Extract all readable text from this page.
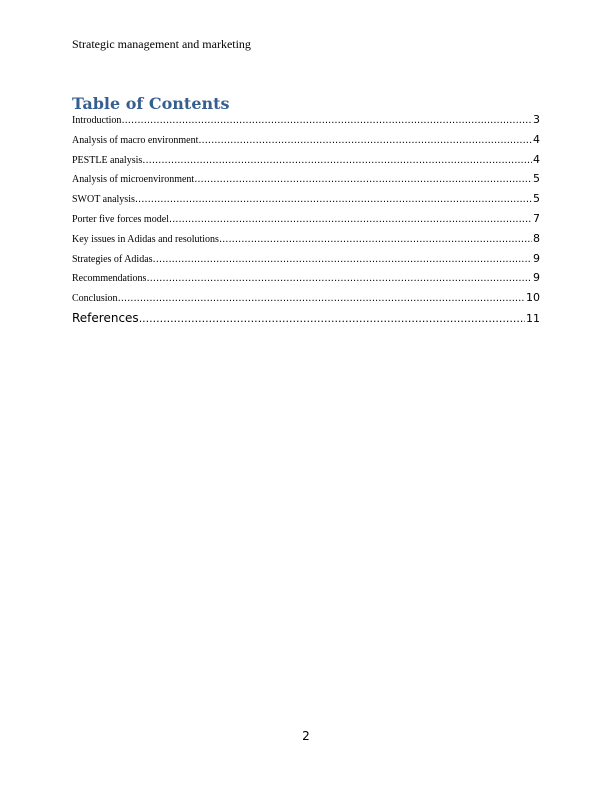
Strategic management and marketing
Table of Contents
Introduction .....	3
Analysis of macro environment .....	4
PESTLE analysis .....	4
Analysis of microenvironment .....	5
SWOT analysis .....	5
Porter five forces model .....	7
Key issues in Adidas and resolutions .....	8
Strategies of Adidas .....	9
Recommendations .....	9
Conclusion .....	10
References .....	11
2
